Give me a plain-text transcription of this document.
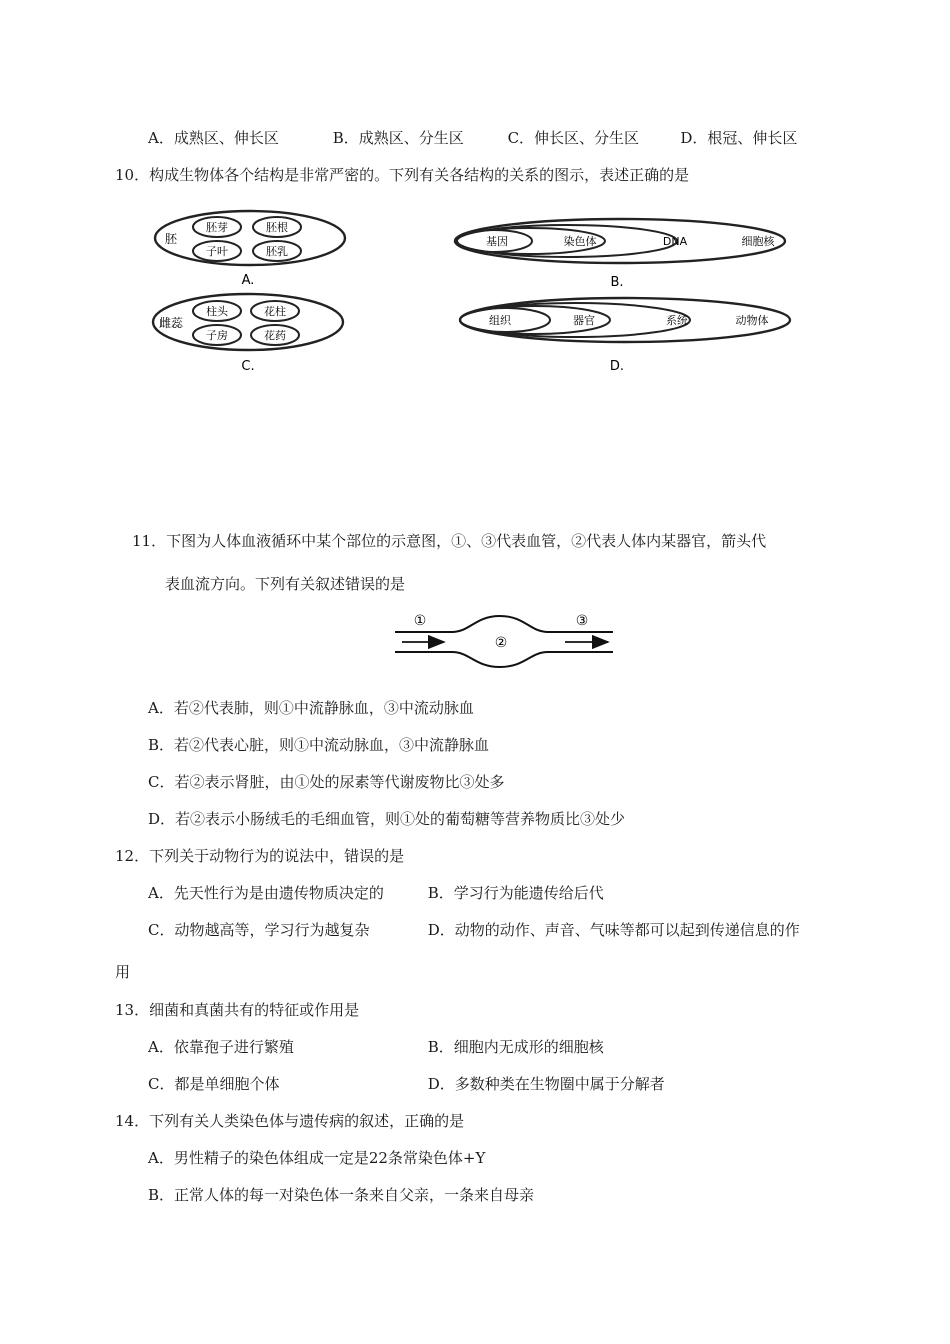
A．成熟区、伸长区	B．成熟区、分生区	C．伸长区、分生区	D．根冠、伸长区
10．构成生物体各个结构是非常严密的。下列有关各结构的关系的图示，表述正确的是
胚
胚芽	胚根
子叶	胚乳
A.
基因	染色体	DNA	细胞核
B.
雌蕊
柱头	花柱
子房	花药
C.
组织	器官	系统	动物体
D.
11．下图为人体血液循环中某个部位的示意图，①、③代表血管，②代表人体内某器官，箭头代
表血流方向。下列有关叙述错误的是
①
②
③
A．若②代表肺，则①中流静脉血，③中流动脉血
B．若②代表心脏，则①中流动脉血，③中流静脉血
C．若②表示肾脏，由①处的尿素等代谢废物比③处多
D．若②表示小肠绒毛的毛细血管，则①处的葡萄糖等营养物质比③处少
12．下列关于动物行为的说法中，错误的是
A．先天性行为是由遗传物质决定的	B．学习行为能遗传给后代
C．动物越高等，学习行为越复杂	D．动物的动作、声音、气味等都可以起到传递信息的作
用
13．细菌和真菌共有的特征或作用是
A．依靠孢子进行繁殖	B．细胞内无成形的细胞核
C．都是单细胞个体	D．多数种类在生物圈中属于分解者
14．下列有关人类染色体与遗传病的叙述，正确的是
A．男性精子的染色体组成一定是22条常染色体+Y
B．正常人体的每一对染色体一条来自父亲，一条来自母亲
